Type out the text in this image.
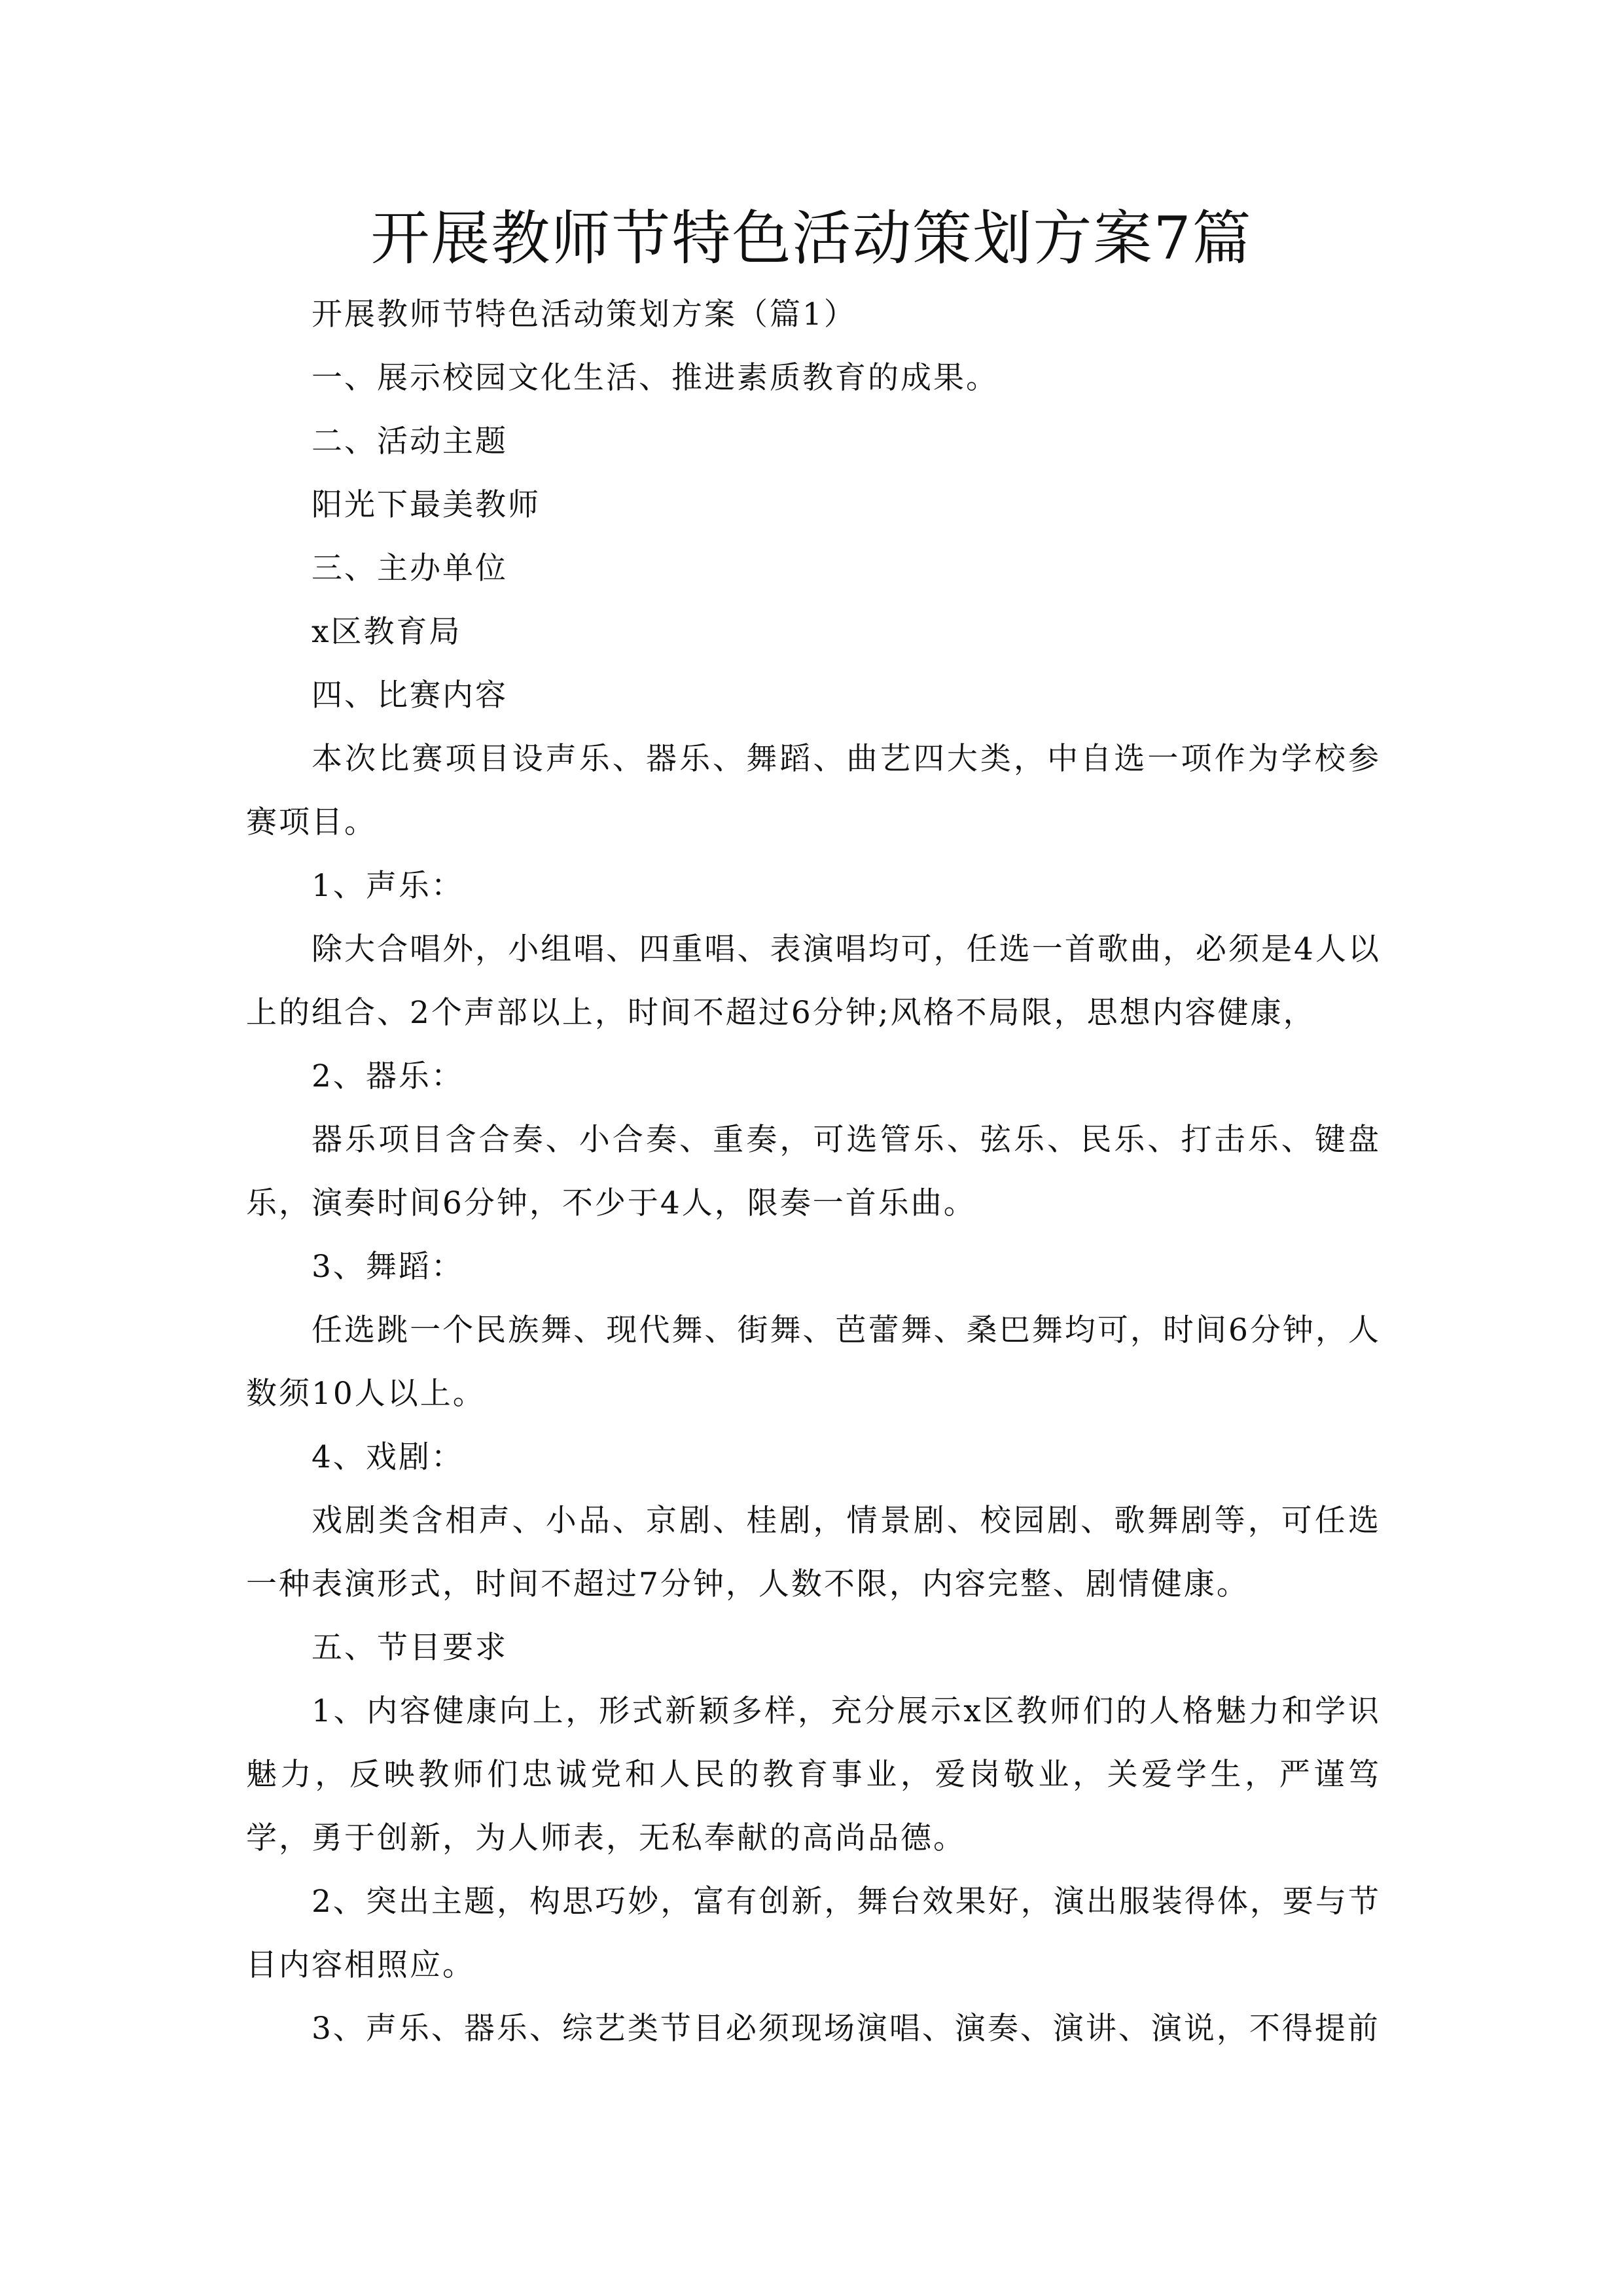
开展教师节特色活动策划方案7篇

开展教师节特色活动策划方案（篇1）

一、展示校园文化生活、推进素质教育的成果。

二、活动主题

阳光下最美教师

三、主办单位

x区教育局

四、比赛内容

本次比赛项目设声乐、器乐、舞蹈、曲艺四大类，中自选一项作为学校参赛项目。

1、声乐：

除大合唱外，小组唱、四重唱、表演唱均可，任选一首歌曲，必须是4人以上的组合、2个声部以上，时间不超过6分钟;风格不局限，思想内容健康，

2、器乐：

器乐项目含合奏、小合奏、重奏，可选管乐、弦乐、民乐、打击乐、键盘乐，演奏时间6分钟，不少于4人，限奏一首乐曲。

3、舞蹈：

任选跳一个民族舞、现代舞、街舞、芭蕾舞、桑巴舞均可，时间6分钟，人数须10人以上。

4、戏剧：

戏剧类含相声、小品、京剧、桂剧，情景剧、校园剧、歌舞剧等，可任选一种表演形式，时间不超过7分钟，人数不限，内容完整、剧情健康。

五、节目要求

1、内容健康向上，形式新颖多样，充分展示x区教师们的人格魅力和学识魅力，反映教师们忠诚党和人民的教育事业，爱岗敬业，关爱学生，严谨笃学，勇于创新，为人师表，无私奉献的高尚品德。

2、突出主题，构思巧妙，富有创新，舞台效果好，演出服装得体，要与节目内容相照应。

3、声乐、器乐、综艺类节目必须现场演唱、演奏、演讲、演说，不得提前
